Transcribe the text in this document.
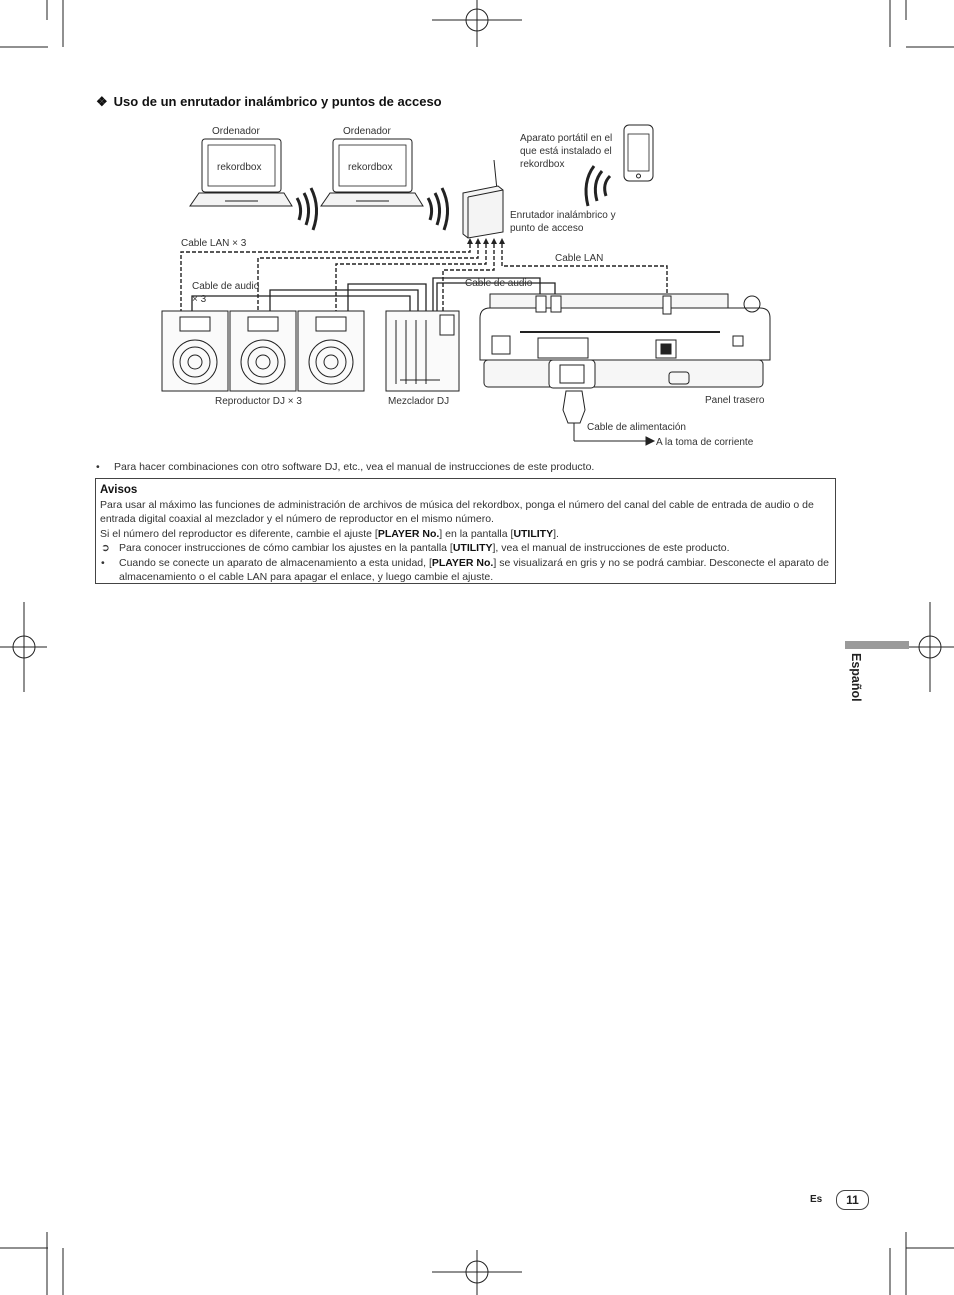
❖ Uso de un enrutador inalámbrico y puntos de acceso
Ordenador	Ordenador
rekordbox	rekordbox
Aparato portátil en el que está instalado el rekordbox
Enrutador inalámbrico y punto de acceso
Cable LAN × 3
Cable LAN
Cable de audio × 3
Cable de audio
Reproductor DJ × 3	Mezclador DJ	Panel trasero
Cable de alimentación
A la toma de corriente
• Para hacer combinaciones con otro software DJ, etc., vea el manual de instrucciones de este producto.
Avisos
Para usar al máximo las funciones de administración de archivos de música del rekordbox, ponga el número del canal del cable de entrada de audio o de entrada digital coaxial al mezclador y el número de reproductor en el mismo número.
Si el número del reproductor es diferente, cambie el ajuste [PLAYER No.] en la pantalla [UTILITY].
➲ Para conocer instrucciones de cómo cambiar los ajustes en la pantalla [UTILITY], vea el manual de instrucciones de este producto.
•	Cuando se conecte un aparato de almacenamiento a esta unidad, [PLAYER No.] se visualizará en gris y no se podrá cambiar. Desconecte el aparato de almacenamiento o el cable LAN para apagar el enlace, y luego cambie el ajuste.
Español
Es	11
